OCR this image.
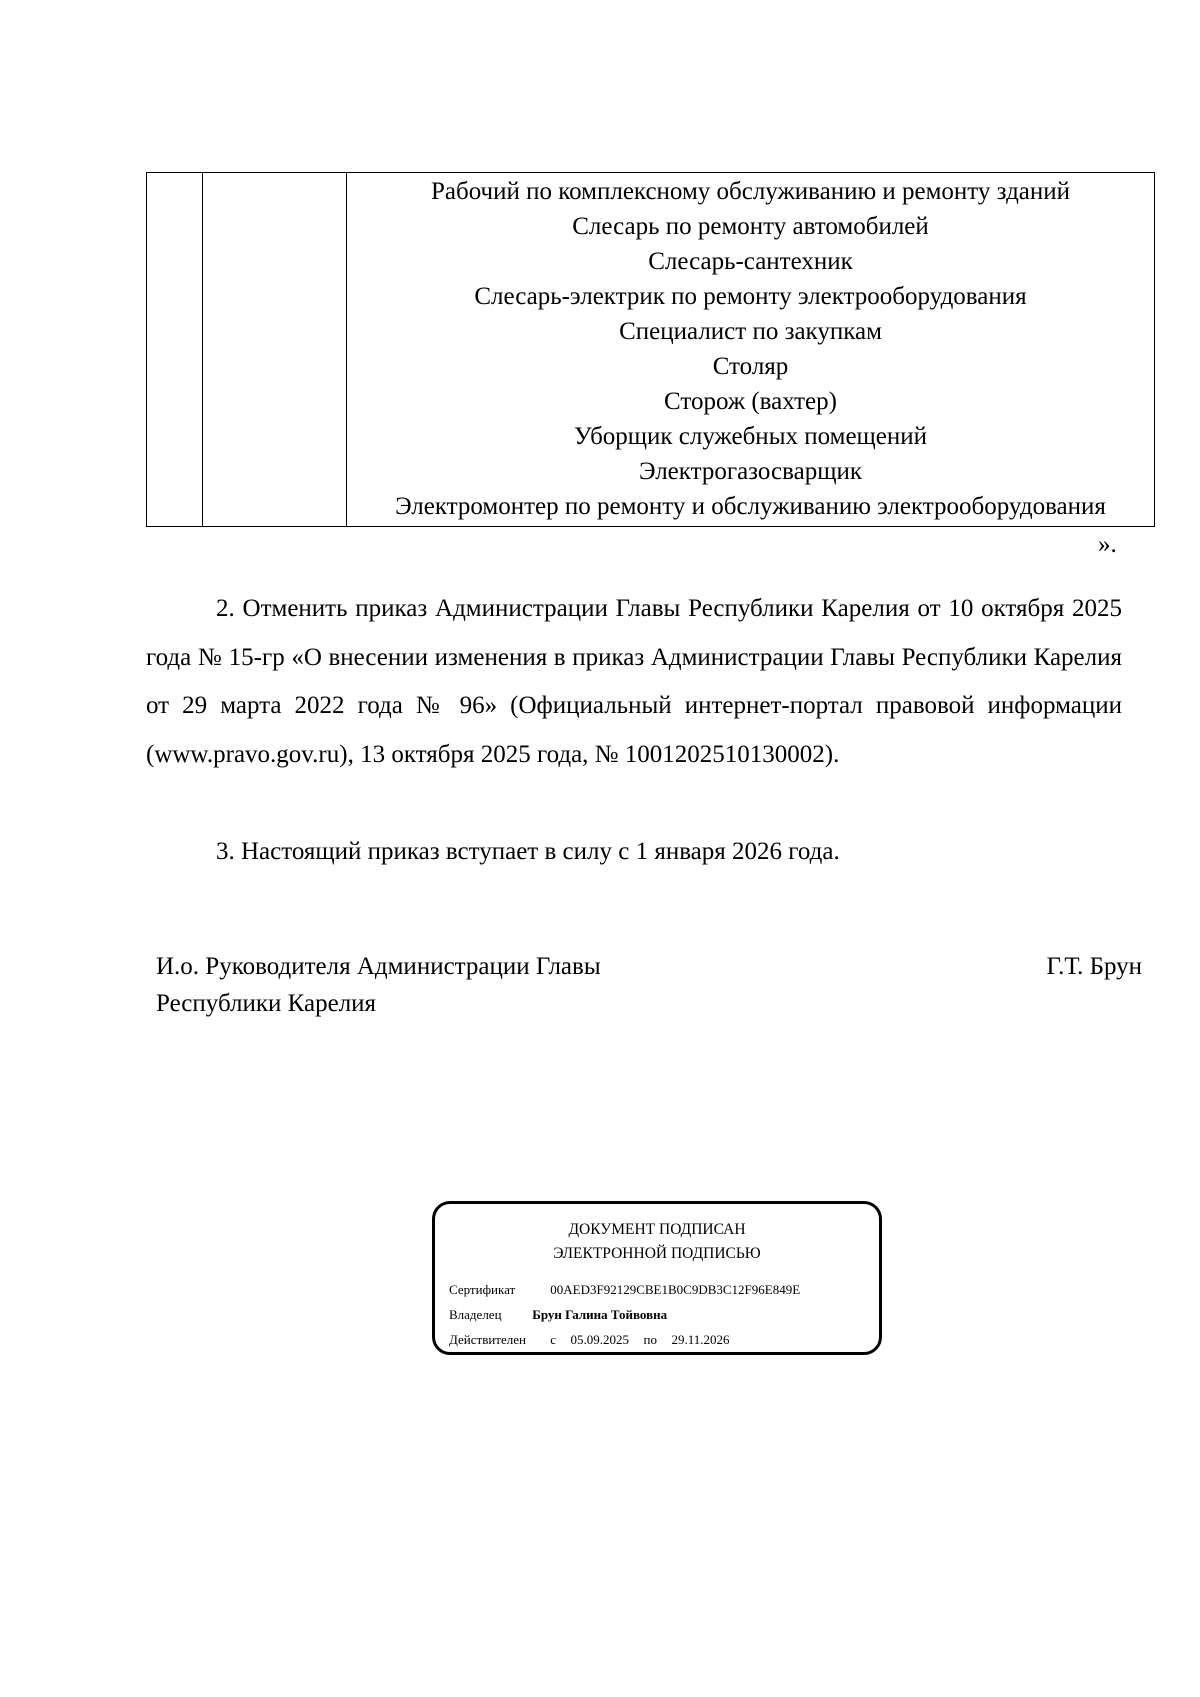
Рабочий по комплексному обслуживанию и ремонту зданий
Слесарь по ремонту автомобилей
Слесарь-сантехник
Слесарь-электрик по ремонту электрооборудования
Специалист по закупкам
Столяр
Сторож (вахтер)
Уборщик служебных помещений
Электрогазосварщик
Электромонтер по ремонту и обслуживанию электрооборудования
».

2. Отменить приказ Администрации Главы Республики Карелия от 10 октября 2025 года № 15-гр «О внесении изменения в приказ Администрации Главы Республики Карелия от 29 марта 2022 года № 96» (Официальный интернет-портал правовой информации (www.pravo.gov.ru), 13 октября 2025 года, № 1001202510130002).

3. Настоящий приказ вступает в силу с 1 января 2026 года.

И.о. Руководителя Администрации Главы
Республики Карелия
Г.Т. Брун
ДОКУМЕНТ ПОДПИСАН
ЭЛЕКТРОННОЙ ПОДПИСЬЮ
Сертификат	00AED3F92129CBE1B0C9DB3C12F96E849E
Владелец Брун Галина Тойвовна
Действителен с 05.09.2025 по 29.11.2026
